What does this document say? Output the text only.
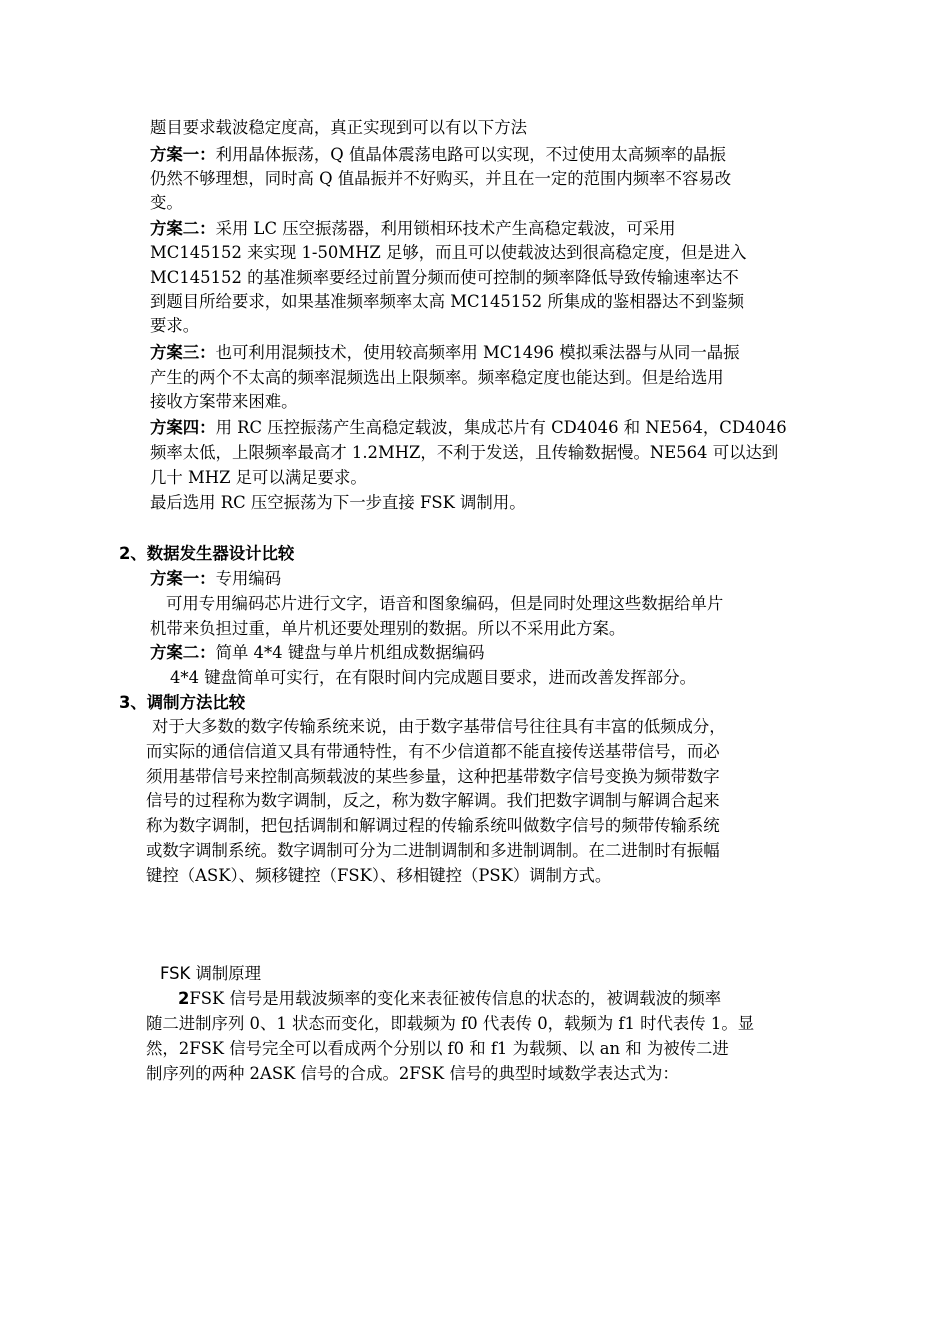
题目要求载波稳定度高，真正实现到可以有以下方法
方案一：利用晶体振荡，Q 值晶体震荡电路可以实现，不过使用太高频率的晶振
仍然不够理想，同时高 Q 值晶振并不好购买，并且在一定的范围内频率不容易改
变。
方案二：采用 LC 压空振荡器，利用锁相环技术产生高稳定载波，可采用
MC145152 来实现 1-50MHZ 足够，而且可以使载波达到很高稳定度，但是进入
MC145152 的基准频率要经过前置分频而使可控制的频率降低导致传输速率达不
到题目所给要求，如果基准频率频率太高 MC145152 所集成的鉴相器达不到鉴频
要求。
方案三：也可利用混频技术，使用较高频率用 MC1496 模拟乘法器与从同一晶振
产生的两个不太高的频率混频选出上限频率。频率稳定度也能达到。但是给选用
接收方案带来困难。
方案四：用 RC 压控振荡产生高稳定载波，集成芯片有 CD4046 和 NE564，CD4046
频率太低，上限频率最高才 1.2MHZ，不利于发送，且传输数据慢。NE564 可以达到
几十 MHZ 足可以满足要求。
最后选用 RC 压空振荡为下一步直接 FSK 调制用。
2、数据发生器设计比较
方案一：专用编码
可用专用编码芯片进行文字，语音和图象编码，但是同时处理这些数据给单片
机带来负担过重，单片机还要处理别的数据。所以不采用此方案。
方案二：简单 4*4 键盘与单片机组成数据编码
4*4 键盘简单可实行，在有限时间内完成题目要求，进而改善发挥部分。
3、调制方法比较
对于大多数的数字传输系统来说，由于数字基带信号往往具有丰富的低频成分，
而实际的通信信道又具有带通特性，有不少信道都不能直接传送基带信号，而必
须用基带信号来控制高频载波的某些参量，这种把基带数字信号变换为频带数字
信号的过程称为数字调制，反之，称为数字解调。我们把数字调制与解调合起来
称为数字调制，把包括调制和解调过程的传输系统叫做数字信号的频带传输系统
或数字调制系统。数字调制可分为二进制调制和多进制调制。在二进制时有振幅
键控（ASK）、频移键控（FSK）、移相键控（PSK）调制方式。
FSK 调制原理
2FSK 信号是用载波频率的变化来表征被传信息的状态的，被调载波的频率
随二进制序列 0、1 状态而变化，即载频为 f0 代表传 0，载频为 f1 时代表传 1。显
然，2FSK 信号完全可以看成两个分别以 f0 和 f1 为载频、以 an 和 为被传二进
制序列的两种 2ASK 信号的合成。2FSK 信号的典型时域数学表达式为：
